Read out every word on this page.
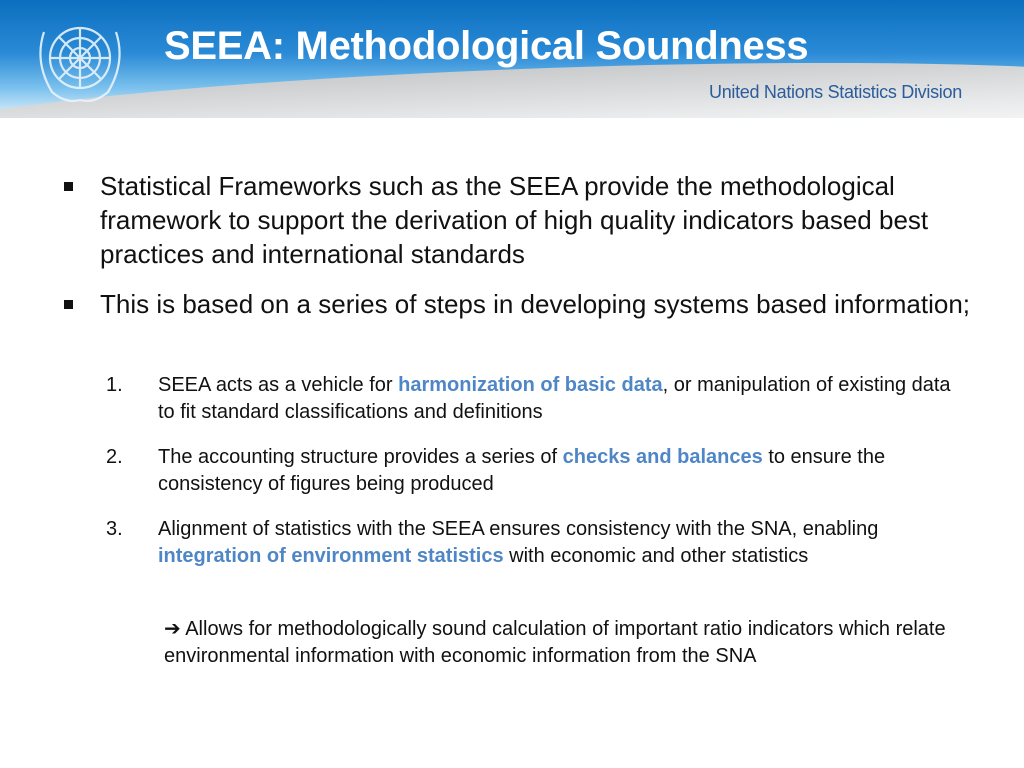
SEEA: Methodological Soundness
United Nations Statistics Division
Statistical Frameworks such as the SEEA provide the methodological framework to support the derivation of high quality indicators based best practices and international standards
This is based on a series of steps in developing systems based information;
1. SEEA acts as a vehicle for harmonization of basic data, or manipulation of existing data to fit standard classifications and definitions
2. The accounting structure provides a series of checks and balances to ensure the consistency of figures being produced
3. Alignment of statistics with the SEEA ensures consistency with the SNA, enabling integration of environment statistics with economic and other statistics
➔ Allows for methodologically sound calculation of important ratio indicators which relate environmental information with economic information from the SNA
